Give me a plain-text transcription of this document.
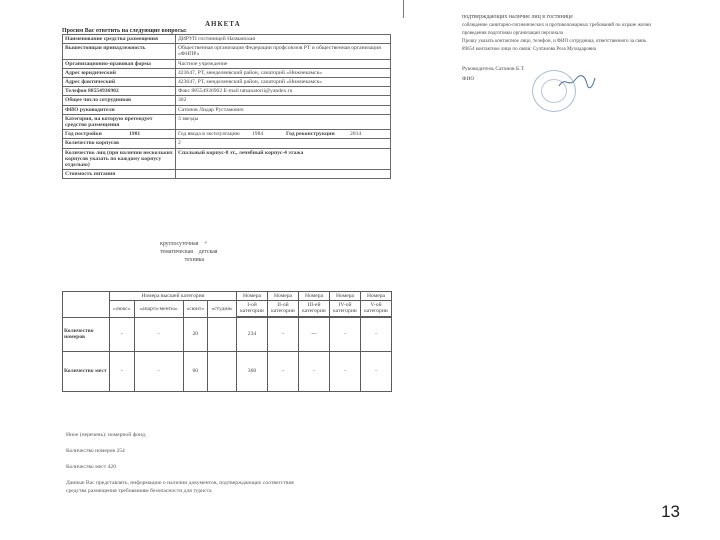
АНКЕТА
Просим Вас ответить на следующие вопросы:
Наименование средства размещения	ДИРУП гостиницей Назманская
Вышестоящая принадлежность	Общественная организация Федерации профсоюзов РТ и общественная организация «ФНПР»
Организационно-правовая форма	Частное учреждение
Адрес юридический	423647, РТ, менделеевский район, санаторий «Нижнекамск»
Адрес фактический	423647, РТ, менделеевский район, санаторий «Нижнекамск»
Телефон 88554936902	Факс 88554936902 E-mail tatsanatorii@yandex.ru
Общее число сотрудников	302
ФИО руководителя	Сатонов Лидар Рустамович
Категория, на которую претендует средство размещения	3 звезды

Год постройки	1981
		Год ввода в эксплуатацию	1984	Год реконструкции	2014

Количество корпусов	2
Количество лиц (при наличии нескольких корпусов указать по каждому корпусу отдельно)	Спальный корпус-8 эт., лечебный корпус-4 этажа
Стоимость питания	
круглосуточная    +
тематическая    детская
техника
	Номера высшей категории				Номера	Номера	Номера	Номера	Номера
	«люкс»	«апарта-менты»	«сюит»	«студия»	I-ой категории	II-ой категории	III-ей категории	IV-ой категории	V-ой категории

Количество номеров	-	-	20		234	-	---	-	-
Количество мест	-	-	60		360	-	-	-	-
Иное (перечень): номерной фонд:
Количество номеров 254
Количество мест 420
Данные Вас представлять, информацию о наличии документов, подтверждающих соответствие
средства размещения требованиям безопасности для туриста
подтверждающих наличие лиц в гостинице
соблюдение санитарно-гигиенических и противопожарных требований по охране жизни
проведения подготовки организации персонала
Прошу указать контактное лицо, телефон, и ФИО сотрудника, ответственного за связь
89654 контактное лицо по связи: Султанова Роза Мухидаровна
Руководитель Сатонов Б.Т.
ФИО
13
